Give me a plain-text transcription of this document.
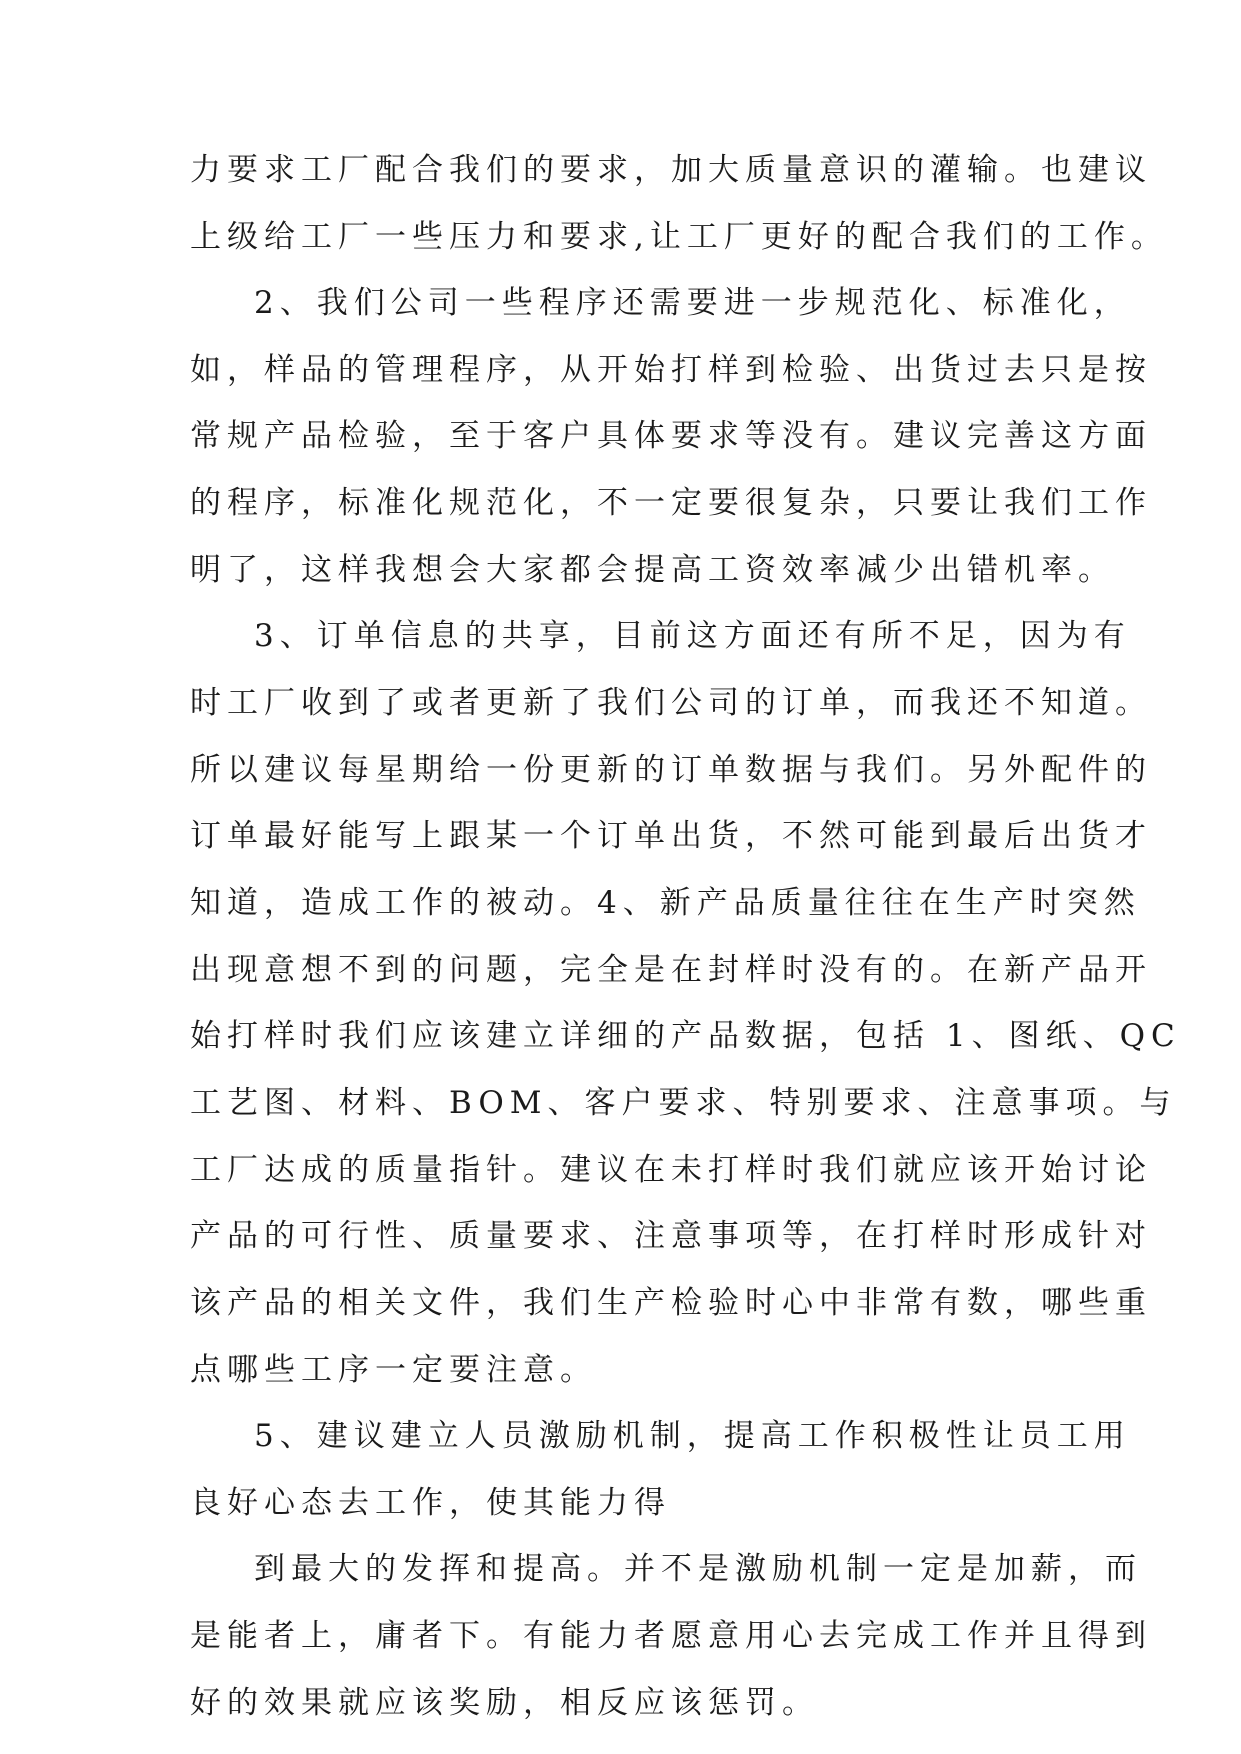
力要求工厂配合我们的要求，加大质量意识的灌输。也建议
上级给工厂一些压力和要求,让工厂更好的配合我们的工作。
2、我们公司一些程序还需要进一步规范化、标准化，
如，样品的管理程序，从开始打样到检验、出货过去只是按
常规产品检验，至于客户具体要求等没有。建议完善这方面
的程序，标准化规范化，不一定要很复杂，只要让我们工作
明了，这样我想会大家都会提高工资效率减少出错机率。
3、订单信息的共享，目前这方面还有所不足，因为有
时工厂收到了或者更新了我们公司的订单，而我还不知道。
所以建议每星期给一份更新的订单数据与我们。另外配件的
订单最好能写上跟某一个订单出货，不然可能到最后出货才
知道，造成工作的被动。4、新产品质量往往在生产时突然
出现意想不到的问题，完全是在封样时没有的。在新产品开
始打样时我们应该建立详细的产品数据，包括 1、图纸、QC
工艺图、材料、BOM、客户要求、特别要求、注意事项。与
工厂达成的质量指针。建议在未打样时我们就应该开始讨论
产品的可行性、质量要求、注意事项等，在打样时形成针对
该产品的相关文件，我们生产检验时心中非常有数，哪些重
点哪些工序一定要注意。
5、建议建立人员激励机制，提高工作积极性让员工用
良好心态去工作，使其能力得
到最大的发挥和提高。并不是激励机制一定是加薪，而
是能者上，庸者下。有能力者愿意用心去完成工作并且得到
好的效果就应该奖励，相反应该惩罚。
